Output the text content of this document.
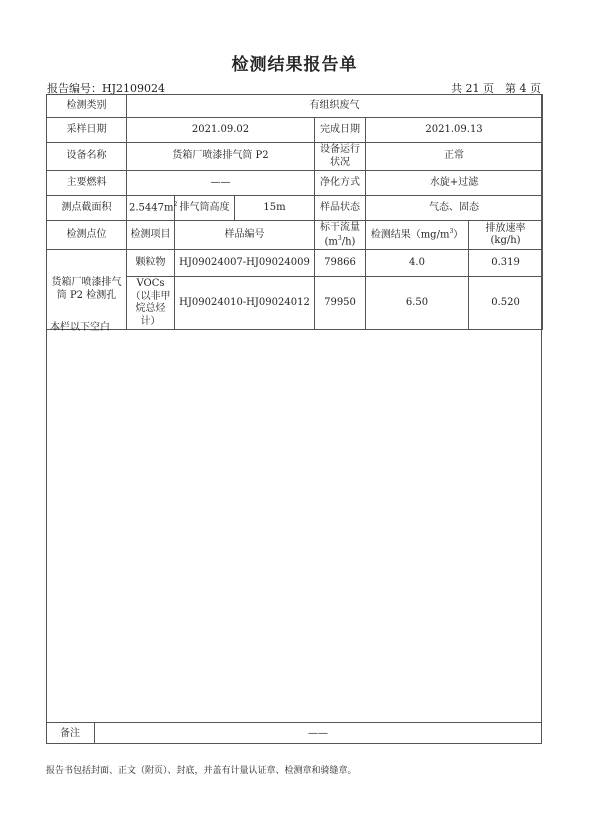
检测结果报告单
报告编号：HJ2109024	共 21 页　第 4 页
检测类别	有组织废气					
采样日期	2021.09.02			完成日期	2021.09.13	
设备名称	货箱厂喷漆排气筒 P2			设备运行状况	正常	
主要燃料	——			净化方式	水旋+过滤	
测点截面积	$2.5447m^2$	排气筒高度	15m	样品状态	气态、固态	
检测点位	检测项目	样品编号		标干流量$(m^3/h)$	检测结果$(mg/m^3)$	排放速率(kg/h)
货箱厂喷漆排气筒 P2 检测孔	颗粒物	HJ09024007-HJ09024009		79866	4.0	0.319
	VOCs（以非甲烷总烃计）	HJ09024010-HJ09024012		79950	6.50	0.520
本栏以下空白
备注	——
报告书包括封面、正文（附页）、封底，并盖有计量认证章、检测章和骑缝章。
